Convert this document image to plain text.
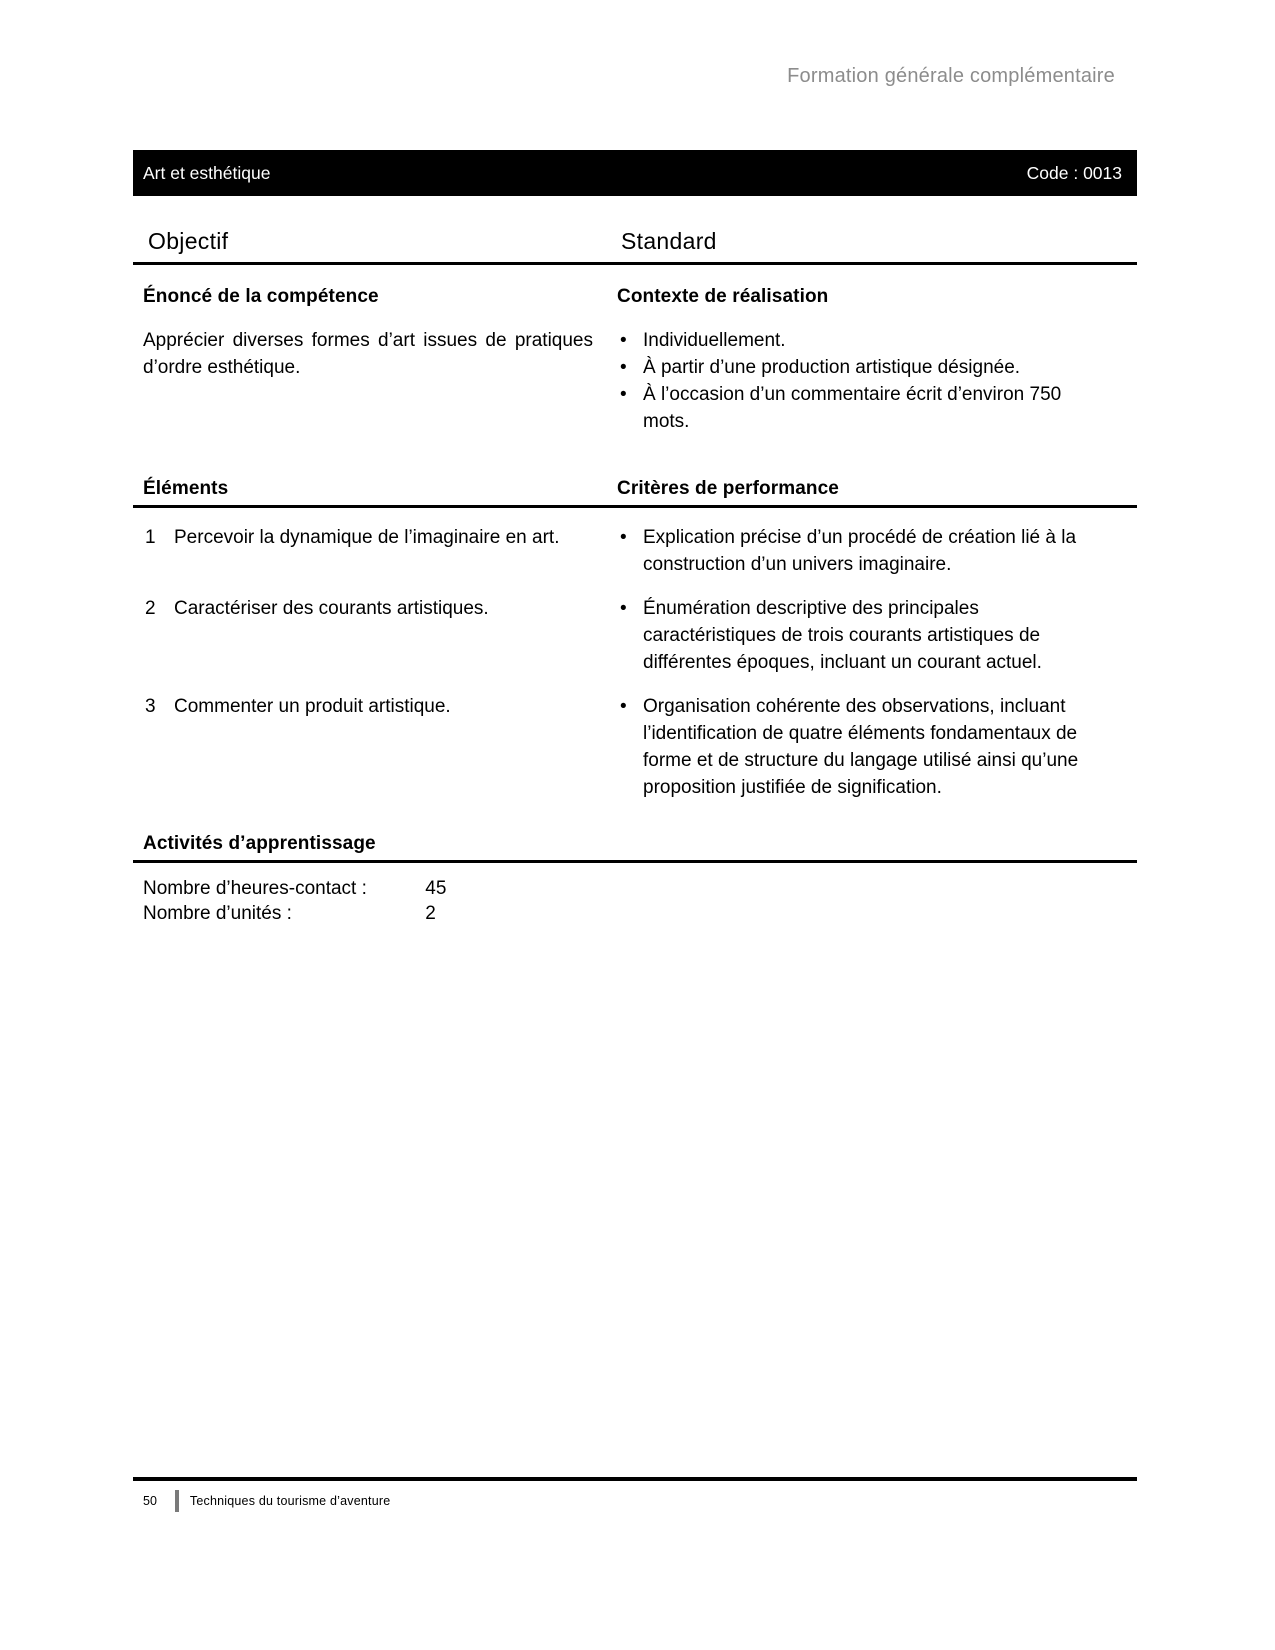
Formation générale complémentaire
Art et esthétique	Code : 0013
Objectif	Standard
Énoncé de la compétence

Apprécier diverses formes d’art issues de pratiques d’ordre esthétique.

Contexte de réalisation
• Individuellement.
• À partir d’une production artistique désignée.
• À l’occasion d’un commentaire écrit d’environ 750 mots.
Éléments	Critères de performance
1 Percevoir la dynamique de l’imaginaire en art.	• Explication précise d’un procédé de création lié à la construction d’un univers imaginaire.
2 Caractériser des courants artistiques.	• Énumération descriptive des principales caractéristiques de trois courants artistiques de différentes époques, incluant un courant actuel.
3 Commenter un produit artistique.	• Organisation cohérente des observations, incluant l’identification de quatre éléments fondamentaux de forme et de structure du langage utilisé ainsi qu’une proposition justifiée de signification.
Activités d’apprentissage
Nombre d’heures-contact :	45
Nombre d’unités :	2
50	Techniques du tourisme d’aventure
